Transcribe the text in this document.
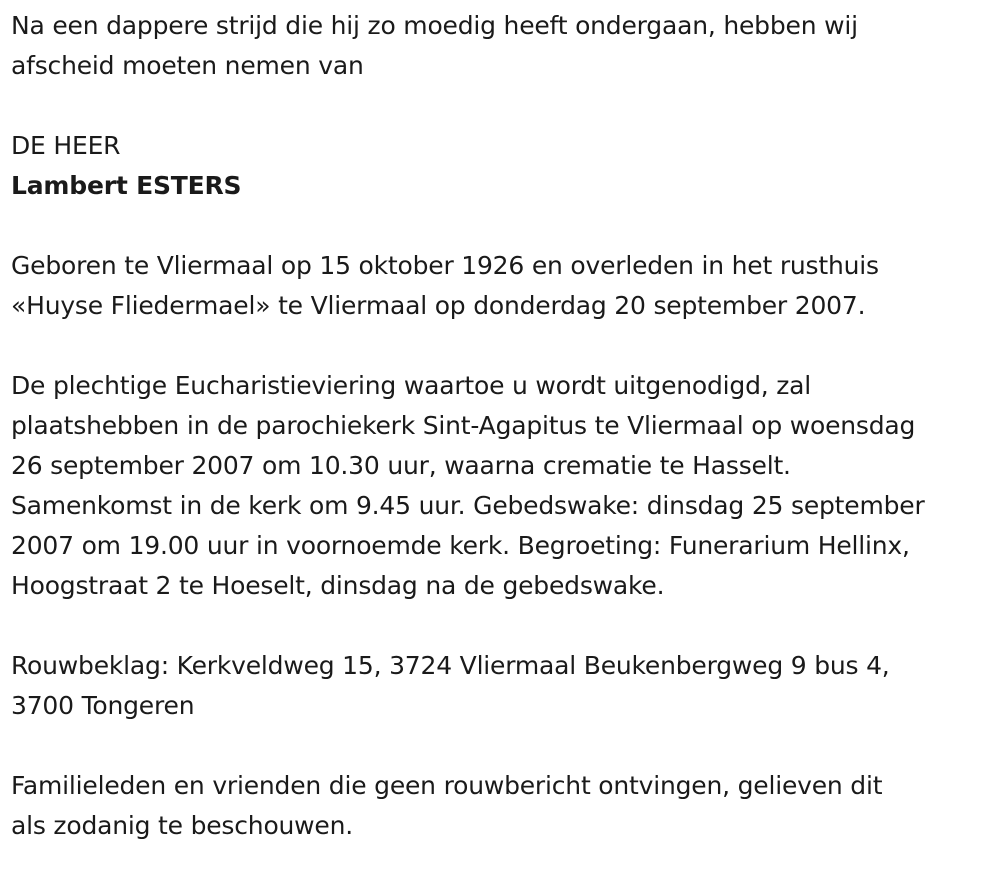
Na een dappere strijd die hij zo moedig heeft ondergaan, hebben wij

afscheid moeten nemen van

DE HEER

Lambert ESTERS

Geboren te Vliermaal op 15 oktober 1926 en overleden in het rusthuis

«Huyse Fliedermael» te Vliermaal op donderdag 20 september 2007.

De plechtige Eucharistieviering waartoe u wordt uitgenodigd, zal

plaatshebben in de parochiekerk Sint-Agapitus te Vliermaal op woensdag

26 september 2007 om 10.30 uur, waarna crematie te Hasselt.

Samenkomst in de kerk om 9.45 uur. Gebedswake: dinsdag 25 september

2007 om 19.00 uur in voornoemde kerk. Begroeting: Funerarium Hellinx,

Hoogstraat 2 te Hoeselt, dinsdag na de gebedswake.

Rouwbeklag: Kerkveldweg 15, 3724 Vliermaal Beukenbergweg 9 bus 4,

3700 Tongeren

Familieleden en vrienden die geen rouwbericht ontvingen, gelieven dit

als zodanig te beschouwen.
